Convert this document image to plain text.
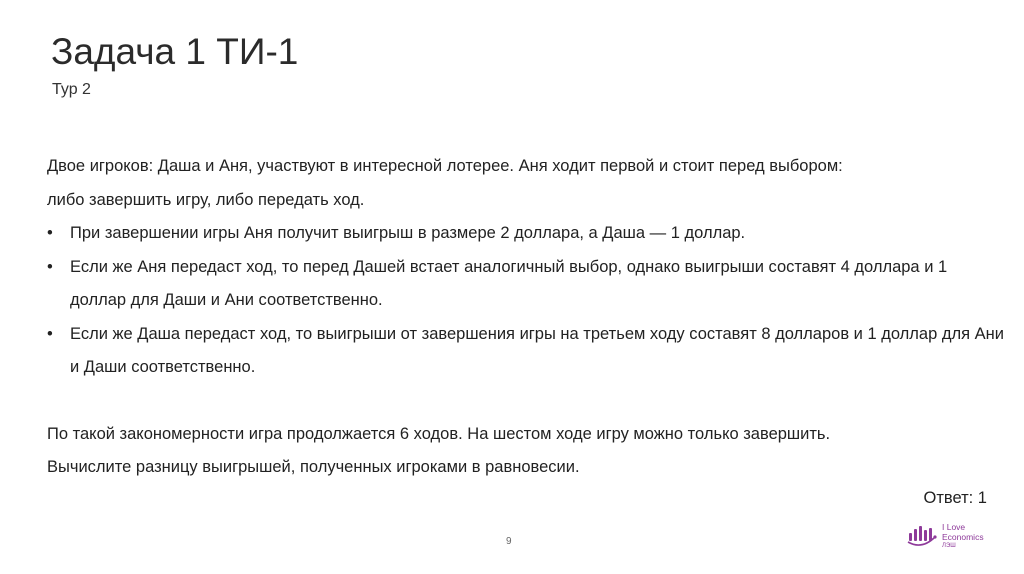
Задача 1 ТИ-1
Тур 2

Двое игроков: Даша и Аня, участвуют в интересной лотерее. Аня ходит первой и стоит перед выбором:

либо завершить игру, либо передать ход.

• При завершении игры Аня получит выигрыш в размере 2 доллара, а Даша — 1 доллар.
• Если же Аня передаст ход, то перед Дашей встает аналогичный выбор, однако выигрыши составят 4 доллара и 1 доллар для Даши и Ани соответственно.
• Если же Даша передаст ход, то выигрыши от завершения игры на третьем ходу составят 8 долларов и 1 доллар для Ани и Даши соответственно.

По такой закономерности игра продолжается 6 ходов. На шестом ходе игру можно только завершить.

Вычислите разницу выигрышей, полученных игроками в равновесии.

Ответ: 1
9
I Love
Economics
ЛЭШ
